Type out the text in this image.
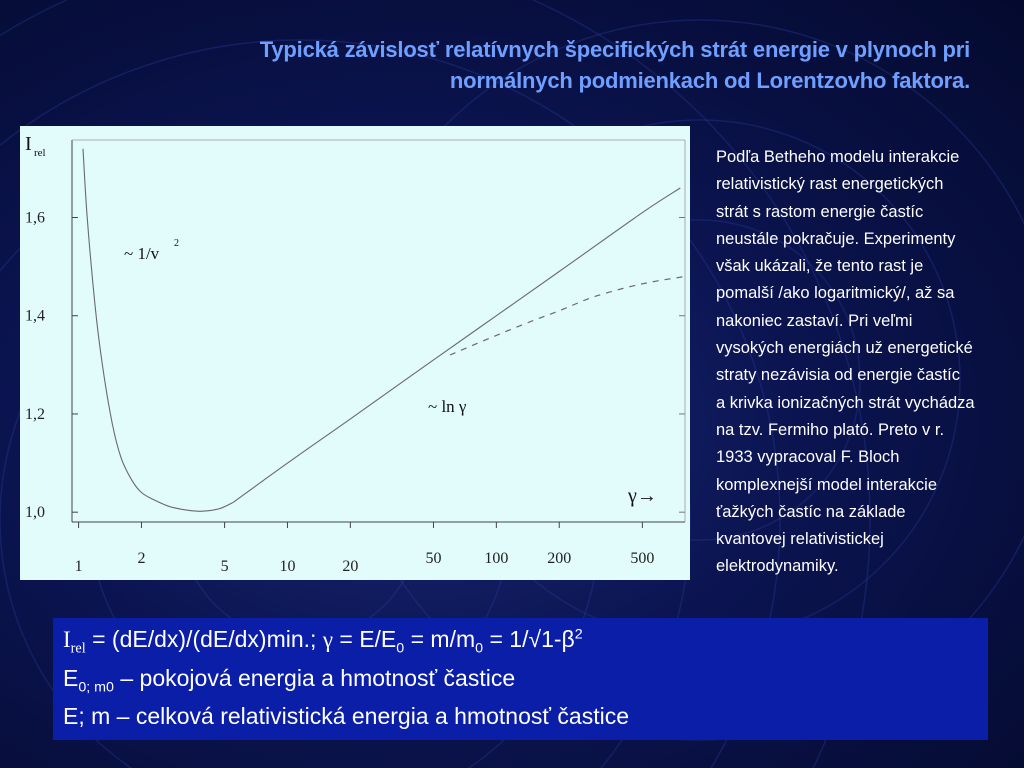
Typická závislosť relatívnych špecifických strát energie v plynoch pri
normálnych podmienkach od Lorentzovho faktora.
1,0
1,2
1,4
1,6
1	2	5	10	20	50	100 200	500
I rel
~ 1/v
2
~ ln γ
γ→
Podľa Betheho modelu interakcie
relativistický rast energetických
strát s rastom energie častíc
neustále pokračuje. Experimenty
však ukázali, že tento rast je
pomalší /ako logaritmický/, až sa
nakoniec zastaví. Pri veľmi
vysokých energiách už energetické
straty nezávisia od energie častíc
a krivka ionizačných strát vychádza
na tzv. Fermiho plató. Preto v r.
1933 vypracoval F. Bloch
komplexnejší model interakcie
ťažkých častíc na základe
kvantovej relativistickej
elektrodynamiky.
$I_{rel} = (dE/dx)/(dE/dx)\min$.; $\gamma = E/E_0 = m/m_0 = 1/√1-\beta^2$
$E_{0; m0}$ – pokojová energia a hmotnosť častice
E; m – celková relativistická energia a hmotnosť častice
